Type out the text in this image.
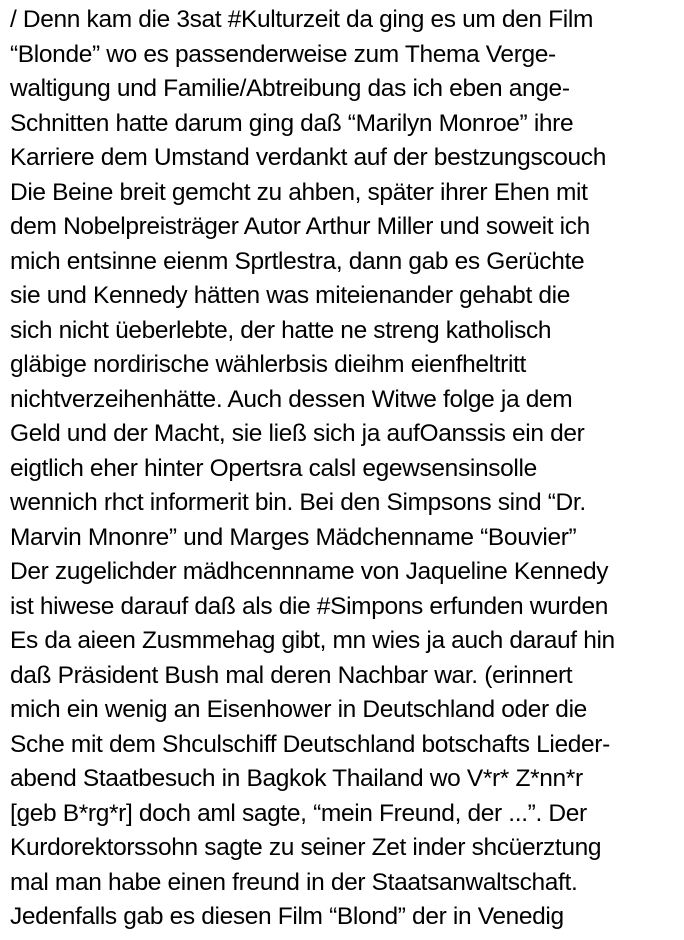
/ Denn kam die 3sat #Kulturzeit da ging es um den Film
“Blonde” wo es passenderweise zum Thema Verge-
waltigung und Familie/Abtreibung das ich eben ange-
Schnitten hatte darum ging daß “Marilyn Monroe” ihre
Karriere dem Umstand verdankt auf der bestzungscouch
Die Beine breit gemcht zu ahben, später ihrer Ehen mit
dem Nobelpreisträger Autor Arthur Miller und soweit ich
mich entsinne eienm Sprtlestra, dann gab es Gerüchte
sie und Kennedy hätten was miteienander gehabt die
sich nicht üeberlebte, der hatte ne streng katholisch
gläbige nordirische wählerbsis dieihm eienfheltritt
nichtverzeihenhätte. Auch dessen Witwe folge ja dem
Geld und der Macht, sie ließ sich ja aufOanssis ein der
eigtlich eher hinter Opertsra calsl egewsensinsolle
wennich rhct informerit bin. Bei den Simpsons sind “Dr.
Marvin Mnonre” und Marges Mädchenname “Bouvier”
Der zugelichder mädhcennname von Jaqueline Kennedy
ist hiwese darauf daß als die #Simpons erfunden wurden
Es da aieen Zusmmehag gibt, mn wies ja auch darauf hin
daß Präsident Bush mal deren Nachbar war. (erinnert
mich ein wenig an Eisenhower in Deutschland oder die
Sche mit dem Shculschiff Deutschland botschafts Lieder-
abend Staatbesuch in Bagkok Thailand wo V*r* Z*nn*r
[geb B*rg*r] doch aml sagte, “mein Freund, der ...”. Der
Kurdorektorssohn sagte zu seiner Zet inder shcüerztung
mal man habe einen freund in der Staatsanwaltschaft.
Jedenfalls gab es diesen Film “Blond” der in Venedig
